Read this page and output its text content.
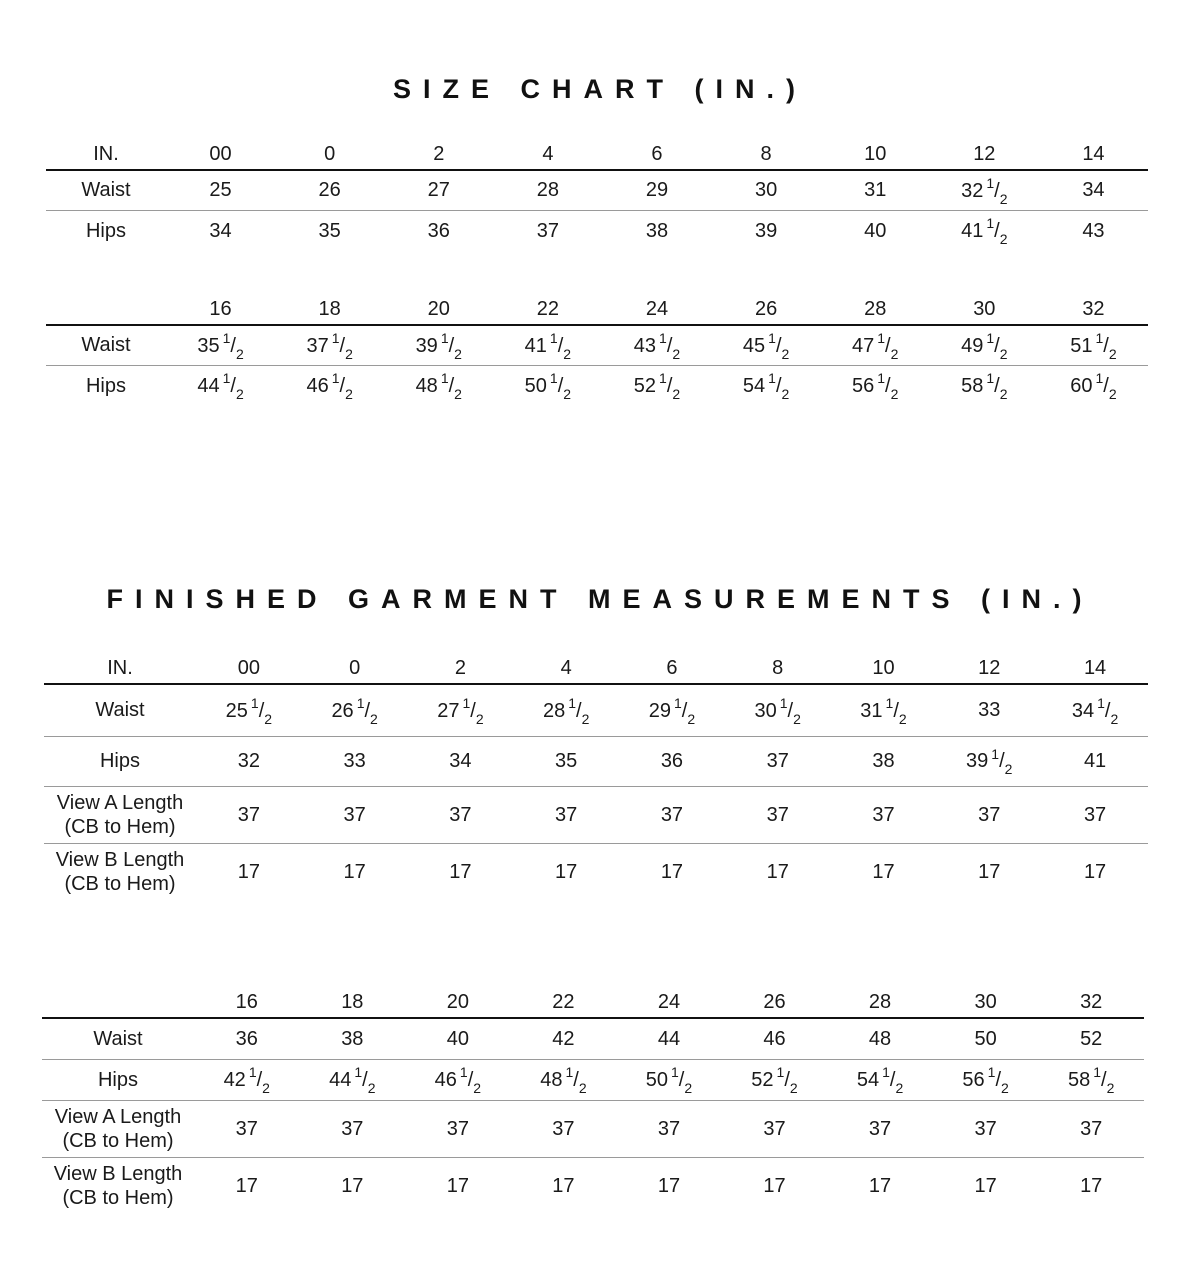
SIZE CHART (IN.)
IN.	00	0	2	4	6	8	10	12	14

Waist	25	26	27	28	29	30	31	32 $^1/_2$	34

Hips	34	35	36	37	38	39	40	41 $^1/_2$	43
	16	18	20	22	24	26	28	30	32

Waist	35 $^1/_2$	37 $^1/_2$	39 $^1/_2$	41 $^1/_2$	43 $^1/_2$	45 $^1/_2$	47 $^1/_2$	49 $^1/_2$	51 $^1/_2$

Hips	44 $^1/_2$	46 $^1/_2$	48 $^1/_2$	50 $^1/_2$	52 $^1/_2$	54 $^1/_2$	56 $^1/_2$	58 $^1/_2$	60 $^1/_2$
FINISHED GARMENT MEASUREMENTS (IN.)
IN.	00	0	2	4	6	8	10	12	14

Waist	25 $^1/_2$	26 $^1/_2$	27 $^1/_2$	28 $^1/_2$	29 $^1/_2$	30 $^1/_2$	31 $^1/_2$	33	34 $^1/_2$

Hips	32	33	34	35	36	37	38	39 $^1/_2$	41

View A Length
(CB to Hem)	37	37	37	37	37	37	37	37	37

View B Length
(CB to Hem)	17	17	17	17	17	17	17	17	17
	16	18	20	22	24	26	28	30	32

Waist	36	38	40	42	44	46	48	50	52

Hips	42 $^1/_2$	44 $^1/_2$	46 $^1/_2$	48 $^1/_2$	50 $^1/_2$	52 $^1/_2$	54 $^1/_2$	56 $^1/_2$	58 $^1/_2$

View A Length
(CB to Hem)	37	37	37	37	37	37	37	37	37

View B Length
(CB to Hem)	17	17	17	17	17	17	17	17	17
